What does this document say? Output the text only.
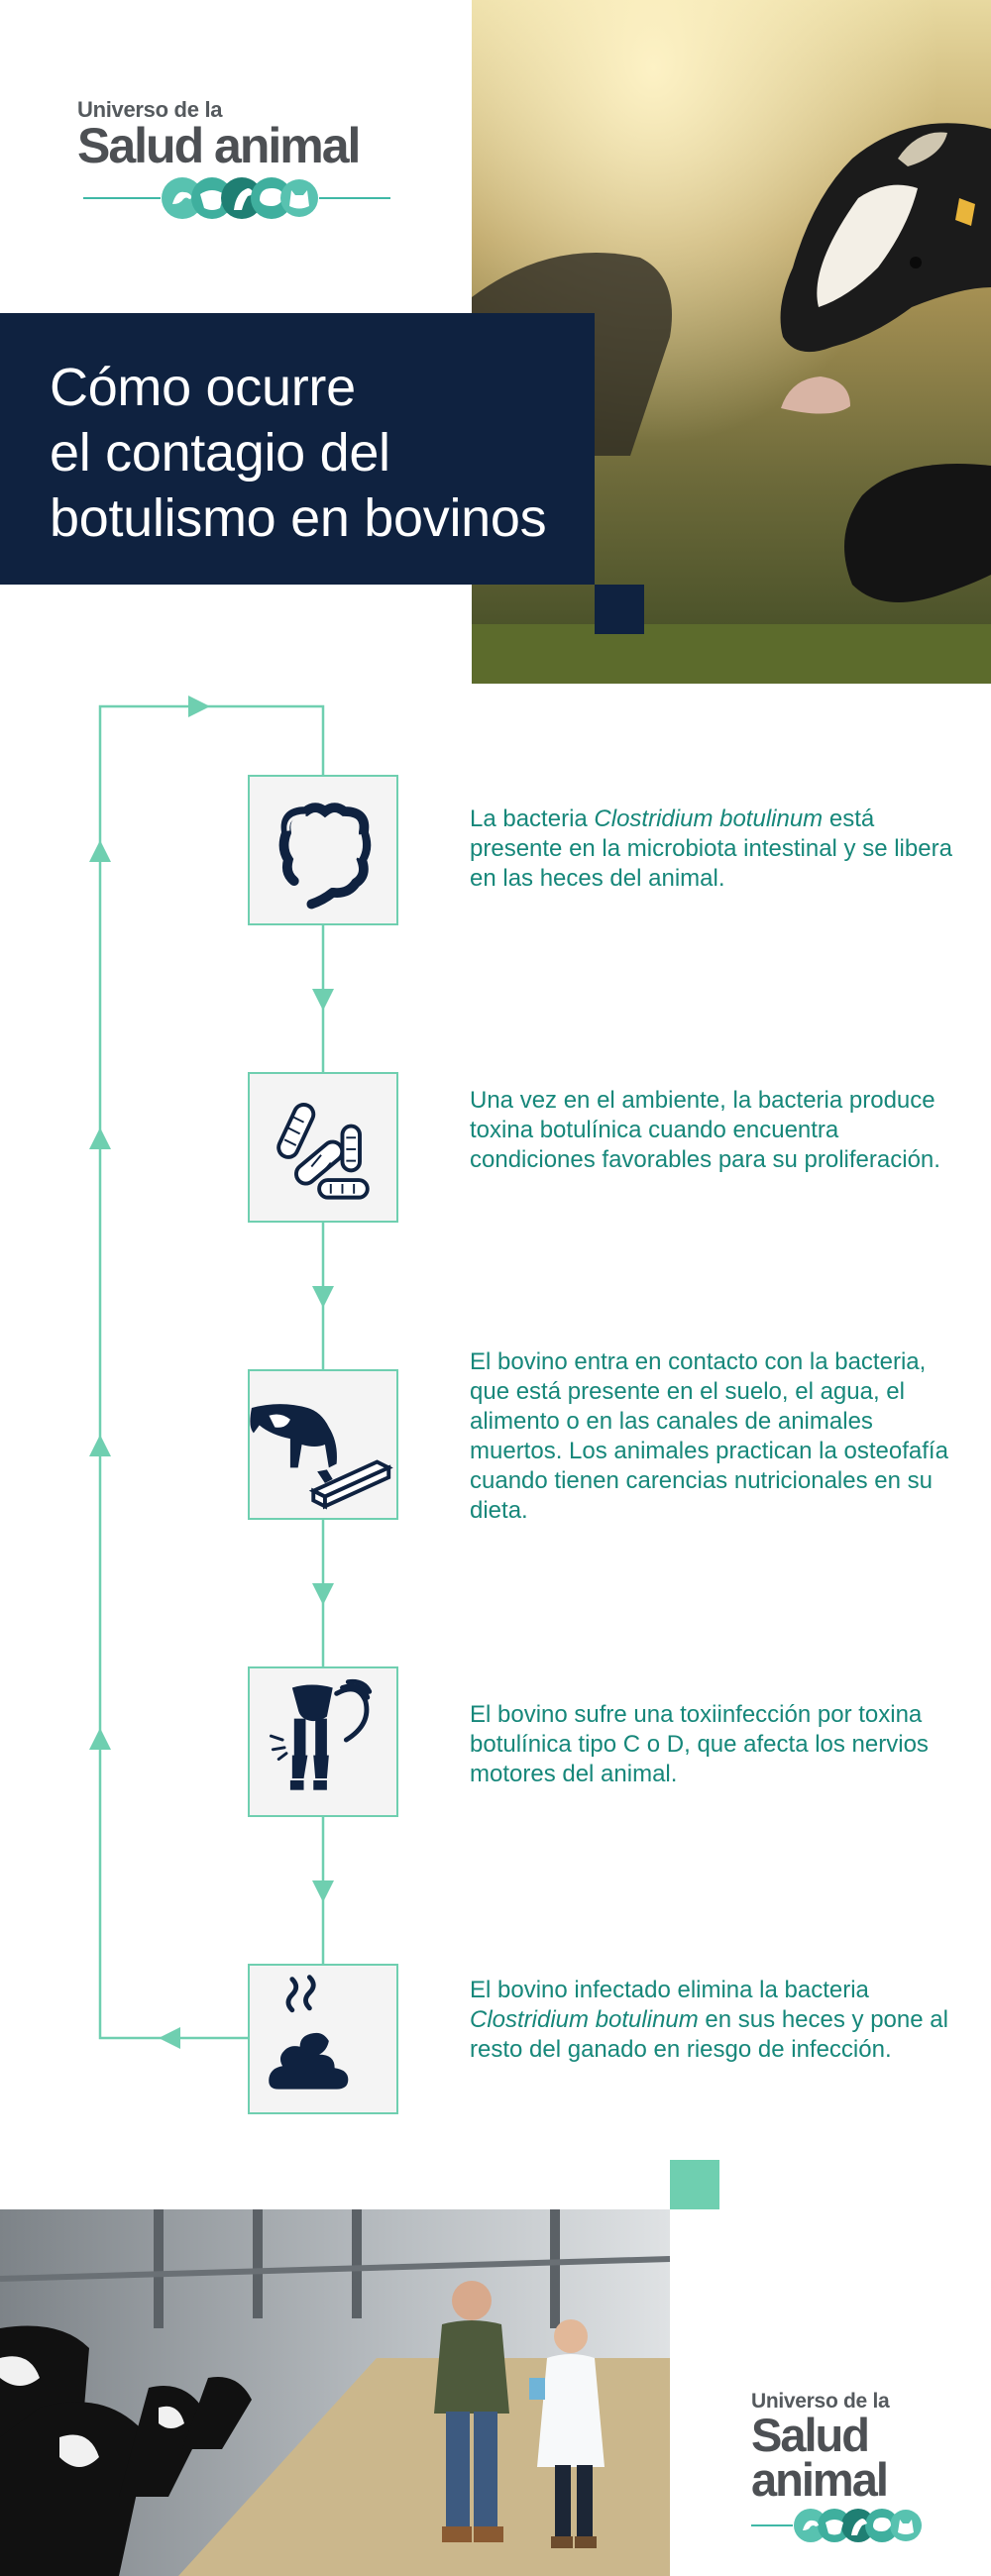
Universo de la
Salud animal
Cómo ocurre
el contagio del
botulismo en bovinos

La bacteria Clostridium botulinum está presente en la microbiota intestinal y se libera en las heces del animal.

Una vez en el ambiente, la bacteria produce toxina botulínica cuando encuentra condiciones favorables para su proliferación.

El bovino entra en contacto con la bacteria, que está presente en el suelo, el agua, el alimento o en las canales de animales muertos. Los animales practican la osteofafía cuando tienen carencias nutricionales en su dieta.

El bovino sufre una toxiinfección por toxina botulínica tipo C o D, que afecta los nervios motores del animal.

El bovino infectado elimina la bacteria Clostridium botulinum en sus heces y pone al resto del ganado en riesgo de infección.

Universo de la
Salud
animal
